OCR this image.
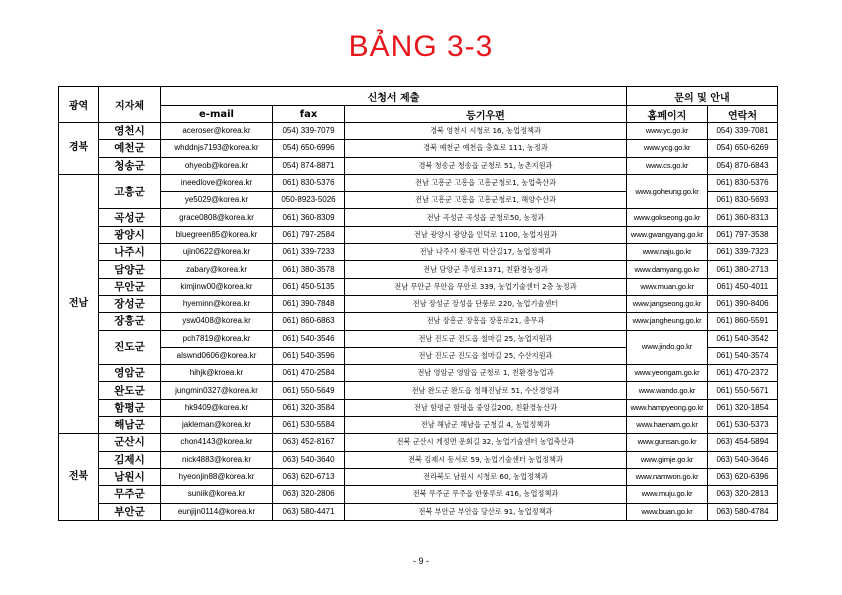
BẢNG 3-3
광역	지자체	신청서 제출			문의 및 안내	
		e-mail	fax	등기우편	홈페이지	연락처
경북	영천시	aceroser@korea.kr	054) 339-7079	경북 영천시 시청로 16, 농업정책과	www.yc.go.kr	054) 339-7081
	예천군	whddnjs7193@korea.kr	054) 650-6996	경북 예천군 예천읍 충효로 111, 농정과	www.ycg.go.kr	054) 650-6269
	청송군	ohyeob@korea.kr	054) 874-8871	경북 청송군 청송읍 군청로 51, 농촌지원과	www.cs.go.kr	054) 870-6843
전남	고흥군	ineedlove@korea.kr	061) 830-5376	전남 고흥군 고흥읍 고흥군청로1, 농업축산과	www.goheung.go.kr	061) 830-5376
		ye5029@korea.kr	050-8923-5026	전남 고흥군 고흥읍 고흥군청로1, 해양수산과		061) 830-5693
	곡성군	grace0808@korea.kr	061) 360-8309	전남 곡성군 곡성읍 군청로50, 농정과	www.gokseong.go.kr	061) 360-8313
	광양시	bluegreen85@korea.kr	061) 797-2584	전남 광양시 광양읍 인덕로 1100, 농업지원과	www.gwangyang.go.kr	061) 797-3538
	나주시	ujin0622@korea.kr	061) 339-7233	전남 나주시 왕곡면 덕산길17, 농업정책과	www.naju.go.kr	061) 339-7323
	담양군	zabary@korea.kr	061) 380-3578	전남 담양군 추성로1371, 친환경농정과	www.damyang.go.kr	061) 380-2713
	무안군	kimjinw00@korea.kr	061) 450-5135	전남 무안군 무안읍 무안로 339, 농업기술센터 2층 농정과	www.muan.go.kr	061) 450-4011
	장성군	hyeminn@korea.kr	061) 390-7848	전남 장성군 장성읍 단풍로 220, 농업기술센터	www.jangseong.go.kr	061) 390-8406
	장흥군	ysw0408@korea.kr	061) 860-6863	전남 장흥군 장흥읍 장흥로21, 총무과	www.jangheung.go.kr	061) 860-5591
	진도군	pch7819@korea.kr	061) 540-3546	전남 진도군 진도읍 철마길 25, 농업지원과	www.jindo.go.kr	061) 540-3542
		alswnd0606@korea.kr	061) 540-3596	전남 진도군 진도읍 철마길 25, 수산지원과		061) 540-3574
	영암군	hihjk@kroea.kr	061) 470-2584	전남 영암군 영암읍 군청로 1, 친환경농업과	www.yeongam.go.kr	061) 470-2372
	완도군	jungmin0327@korea.kr	061) 550-5649	전남 완도군 완도읍 청해진남로 51, 수산경영과	www.wando.go.kr	061) 550-5671
	함평군	hk9409@korea.kr	061) 320-3584	전남 함평군 함평읍 중앙길200, 친환경농산과	www.hampyeong.go.kr	061) 320-1854
	해남군	jakleman@korea.kr	061) 530-5584	전남 해남군 해남읍 군청길 4, 농업정책과	www.haenam.go.kr	061) 530-5373
전북	군산시	chon4143@korea.kr	063) 452-8167	전북 군산시 게정면 운회길 32, 농업기술센터 농업축산과	www.gunsan.go.kr	063) 454-5894
	김제시	nick4883@korea.kr	063) 540-3640	전북 김제시 동서로 59, 농업기술센터 농업정책과	www.gimje.go.kr	063) 540-3646
	남원시	hyeonjin88@korea.kr	063) 620-6713	전라북도 남원시 시청로 60, 농업정책과	www.namwon.go.kr	063) 620-6396
	무주군	suniik@korea.kr	063) 320-2806	전북 무주군 무주읍 한풍루로 416, 농업정책과	www.muju.go.kr	063) 320-2813
	부안군	eunjijn0114@korea.kr	063) 580-4471	전북 부안군 부안읍 당산로 91, 농업정책과	www.buan.go.kr	063) 580-4784
- 9 -
